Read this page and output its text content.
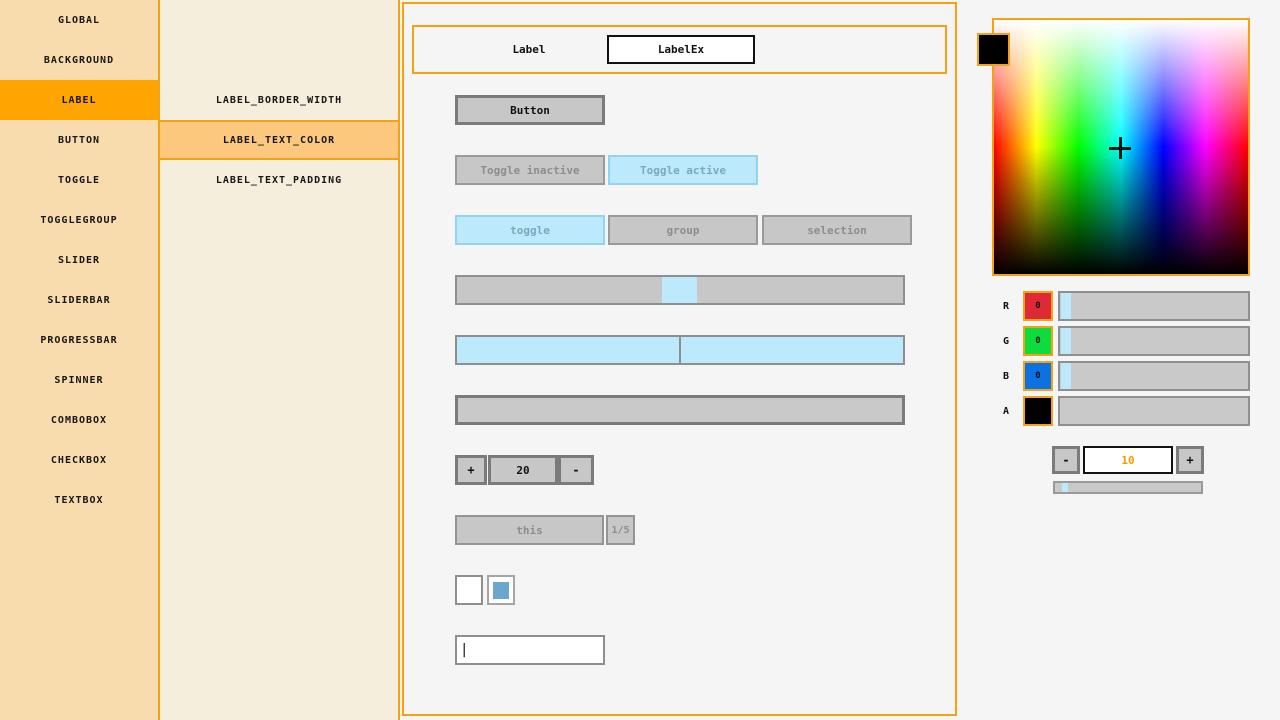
GLOBAL
BACKGROUND
LABEL
BUTTON
TOGGLE
TOGGLEGROUP
SLIDER
SLIDERBAR
PROGRESSBAR
SPINNER
COMBOBOX
CHECKBOX
TEXTBOX
LABEL_BORDER_WIDTH
LABEL_TEXT_COLOR
LABEL_TEXT_PADDING
Label	LabelEx
Button
Toggle inactive	Toggle active
toggle	group	selection
+	20	-
this	1/5
|
R	0
G	0
B	0
A
-	10	+
